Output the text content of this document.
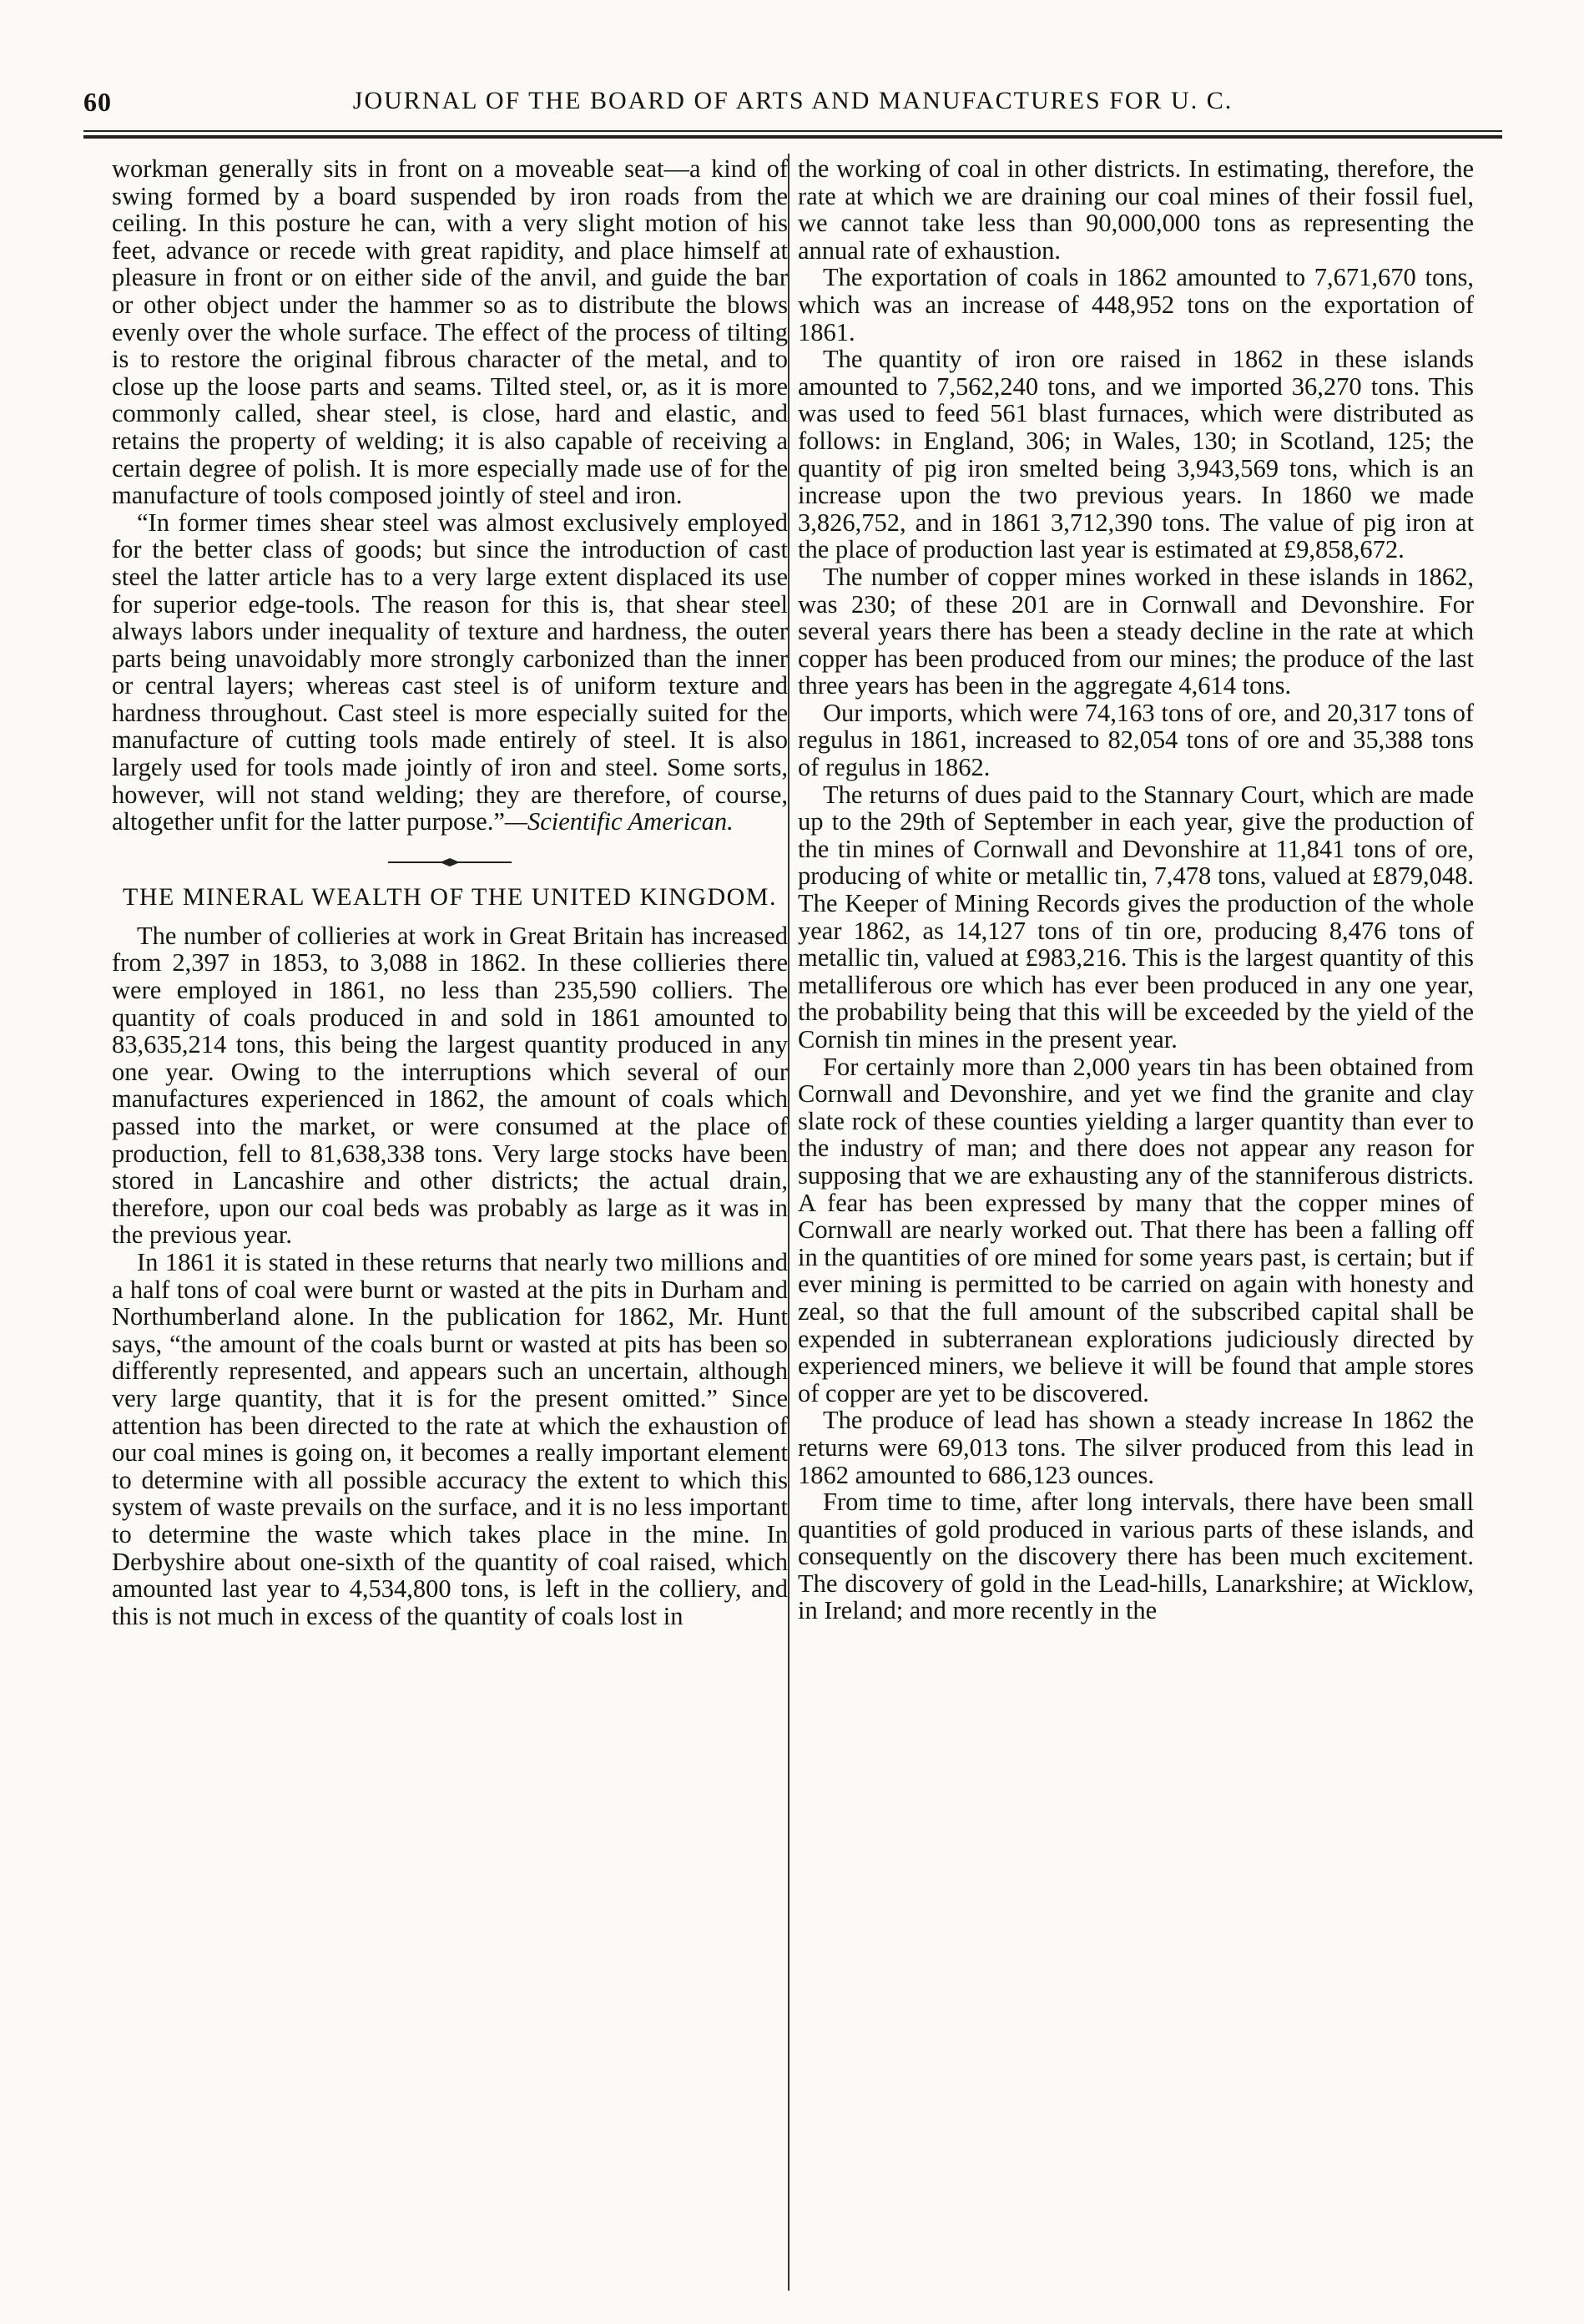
60	JOURNAL OF THE BOARD OF ARTS AND MANUFACTURES FOR U. C.

workman generally sits in front on a moveable seat—a kind of swing formed by a board suspended by iron roads from the ceiling. In this posture he can, with a very slight motion of his feet, advance or recede with great rapidity, and place himself at pleasure in front or on either side of the anvil, and guide the bar or other object under the hammer so as to distribute the blows evenly over the whole surface. The effect of the process of tilting is to restore the original fibrous character of the metal, and to close up the loose parts and seams. Tilted steel, or, as it is more commonly called, shear steel, is close, hard and elastic, and retains the property of welding; it is also capable of receiving a certain degree of polish. It is more especially made use of for the manufacture of tools composed jointly of steel and iron.

“In former times shear steel was almost exclusively employed for the better class of goods; but since the introduction of cast steel the latter article has to a very large extent displaced its use for superior edge-tools. The reason for this is, that shear steel always labors under inequality of texture and hardness, the outer parts being unavoidably more strongly carbonized than the inner or central layers; whereas cast steel is of uniform texture and hardness throughout. Cast steel is more especially suited for the manufacture of cutting tools made entirely of steel. It is also largely used for tools made jointly of iron and steel. Some sorts, however, will not stand welding; they are therefore, of course, altogether unfit for the latter purpose.”—Scientific American.

THE MINERAL WEALTH OF THE UNITED KINGDOM.

The number of collieries at work in Great Britain has increased from 2,397 in 1853, to 3,088 in 1862. In these collieries there were employed in 1861, no less than 235,590 colliers. The quantity of coals produced in and sold in 1861 amounted to 83,635,214 tons, this being the largest quantity produced in any one year. Owing to the interruptions which several of our manufactures experienced in 1862, the amount of coals which passed into the market, or were consumed at the place of production, fell to 81,638,338 tons. Very large stocks have been stored in Lancashire and other districts; the actual drain, therefore, upon our coal beds was probably as large as it was in the previous year.

In 1861 it is stated in these returns that nearly two millions and a half tons of coal were burnt or wasted at the pits in Durham and Northumberland alone. In the publication for 1862, Mr. Hunt says, “the amount of the coals burnt or wasted at pits has been so differently represented, and appears such an uncertain, although very large quantity, that it is for the present omitted.” Since attention has been directed to the rate at which the exhaustion of our coal mines is going on, it becomes a really important element to determine with all possible accuracy the extent to which this system of waste prevails on the surface, and it is no less important to determine the waste which takes place in the mine. In Derbyshire about one-sixth of the quantity of coal raised, which amounted last year to 4,534,800 tons, is left in the colliery, and this is not much in excess of the quantity of coals lost in

the working of coal in other districts. In estimating, therefore, the rate at which we are draining our coal mines of their fossil fuel, we cannot take less than 90,000,000 tons as representing the annual rate of exhaustion.

The exportation of coals in 1862 amounted to 7,671,670 tons, which was an increase of 448,952 tons on the exportation of 1861.

The quantity of iron ore raised in 1862 in these islands amounted to 7,562,240 tons, and we imported 36,270 tons. This was used to feed 561 blast furnaces, which were distributed as follows: in England, 306; in Wales, 130; in Scotland, 125; the quantity of pig iron smelted being 3,943,569 tons, which is an increase upon the two previous years. In 1860 we made 3,826,752, and in 1861 3,712,390 tons. The value of pig iron at the place of production last year is estimated at £9,858,672.

The number of copper mines worked in these islands in 1862, was 230; of these 201 are in Cornwall and Devonshire. For several years there has been a steady decline in the rate at which copper has been produced from our mines; the produce of the last three years has been in the aggregate 4,614 tons.

Our imports, which were 74,163 tons of ore, and 20,317 tons of regulus in 1861, increased to 82,054 tons of ore and 35,388 tons of regulus in 1862.

The returns of dues paid to the Stannary Court, which are made up to the 29th of September in each year, give the production of the tin mines of Cornwall and Devonshire at 11,841 tons of ore, producing of white or metallic tin, 7,478 tons, valued at £879,048. The Keeper of Mining Records gives the production of the whole year 1862, as 14,127 tons of tin ore, producing 8,476 tons of metallic tin, valued at £983,216. This is the largest quantity of this metalliferous ore which has ever been produced in any one year, the probability being that this will be exceeded by the yield of the Cornish tin mines in the present year.

For certainly more than 2,000 years tin has been obtained from Cornwall and Devonshire, and yet we find the granite and clay slate rock of these counties yielding a larger quantity than ever to the industry of man; and there does not appear any reason for supposing that we are exhausting any of the stanniferous districts. A fear has been expressed by many that the copper mines of Cornwall are nearly worked out. That there has been a falling off in the quantities of ore mined for some years past, is certain; but if ever mining is permitted to be carried on again with honesty and zeal, so that the full amount of the subscribed capital shall be expended in subterranean explorations judiciously directed by experienced miners, we believe it will be found that ample stores of copper are yet to be discovered.

The produce of lead has shown a steady increase In 1862 the returns were 69,013 tons. The silver produced from this lead in 1862 amounted to 686,123 ounces.

From time to time, after long intervals, there have been small quantities of gold produced in various parts of these islands, and consequently on the discovery there has been much excitement. The discovery of gold in the Lead-hills, Lanarkshire; at Wicklow, in Ireland; and more recently in the
